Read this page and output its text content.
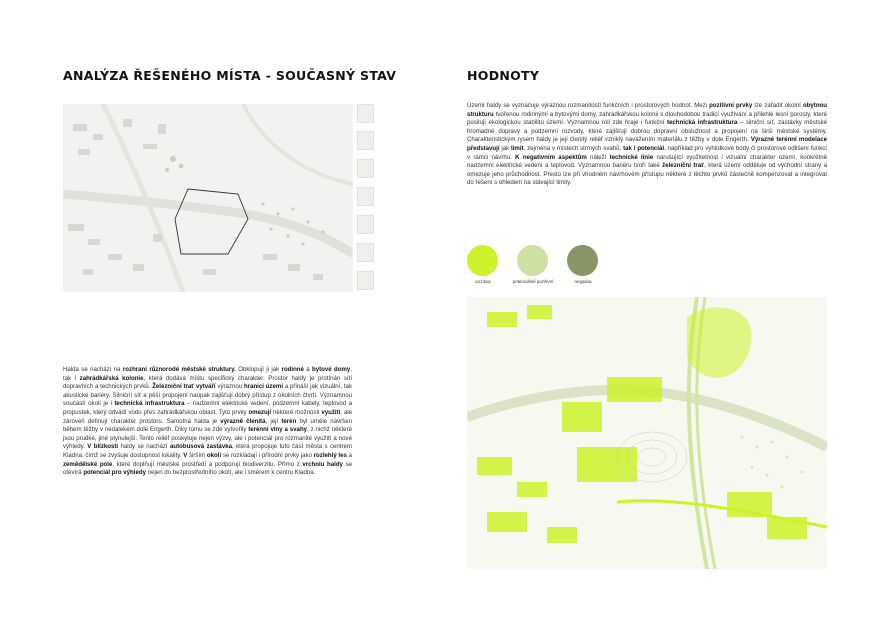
ANALÝZA ŘEŠENÉHO MÍSTA - SOUČASNÝ STAV
Halda se nachází na rozhraní různorodé městské struktury. Obklopují ji jak rodinné a bytové domy, tak i zahrádkářská kolonie, která dodává místu specifický charakter. Prostor haldy je protínán sítí dopravních a technických prvků. Železniční trať vytváří výraznou hranici území a přináší jak vizuální, tak akustické bariéry. Silniční síť a pěší propojení naopak zajišťují dobrý přístup z okolních čtvrtí. Významnou součástí okolí je i technická infrastruktura – nadzemní elektrické vedení, podzemní kabely, teplovod a propustek, který odvádí vodu přes zahrádkářskou oblast. Tyto prvky omezují některé možnosti využití, ale zároveň definují charakter prostoru. Samotná halda je výrazně členitá, její terén byl uměle navršen během těžby v nedalekém dole Engerth. Díky tomu se zde vytvořily terénní vlny a svahy, z nichž některé jsou prudké, jiné plynulejší. Tento reliéf poskytuje nejen výzvy, ale i potenciál pro rozmanité využití a nové výhledy. V blízkosti haldy se nachází autobusová zastávka, která propojuje tuto část města s centrem Kladna, čímž se zvyšuje dostupnost lokality. V širším okolí se rozkládají i přírodní prvky jako rozlehlý les a zemědělské pole, které doplňují městské prostředí a podporují biodiverzitu. Přímo z vrcholu haldy se otevírá potenciál pro výhledy nejen do bezprostředního okolí, ale i směrem k centru Kladna.
HODNOTY
Území haldy se vyznačuje výraznou rozmanitostí funkčních i prostorových hodnot. Mezi pozitivní prvky lze zařadit okolní obytnou strukturu tvořenou rodinnými a bytovými domy, zahrádkářskou kolonii s dlouhodobou tradicí využívání a přilehlé lesní porosty, které posilují ekologickou stabilitu území. Významnou roli zde hraje i funkční technická infrastruktura – silniční síť, zastávky městské hromadné dopravy a podzemní rozvody, které zajišťují dobrou dopravní obslužnost a propojení na širší městské systémy. Charakteristickým rysem haldy je její členitý reliéf vzniklý navážením materiálu z těžby v dole Engerth. Výrazné terénní modelace představují jak limit, zejména v místech strmých svahů, tak i potenciál, například pro vyhlídkové body či prostorové odlišení funkcí v rámci návrhu. K negativním aspektům náleží technické linie narušující využitelnost i vizuální charakter území, konkrétně nadzemní elektrické vedení a teplovod. Významnou bariéru tvoří také železniční trať, která území odděluje od východní strany a omezuje jeho průchodnost. Přesto lze při vhodném návrhovém přístupu některé z těchto prvků částečně kompenzovat a integrovat do řešení s ohledem na stávající limity.
pozitiva	potenciálně pozitivní	negativa
